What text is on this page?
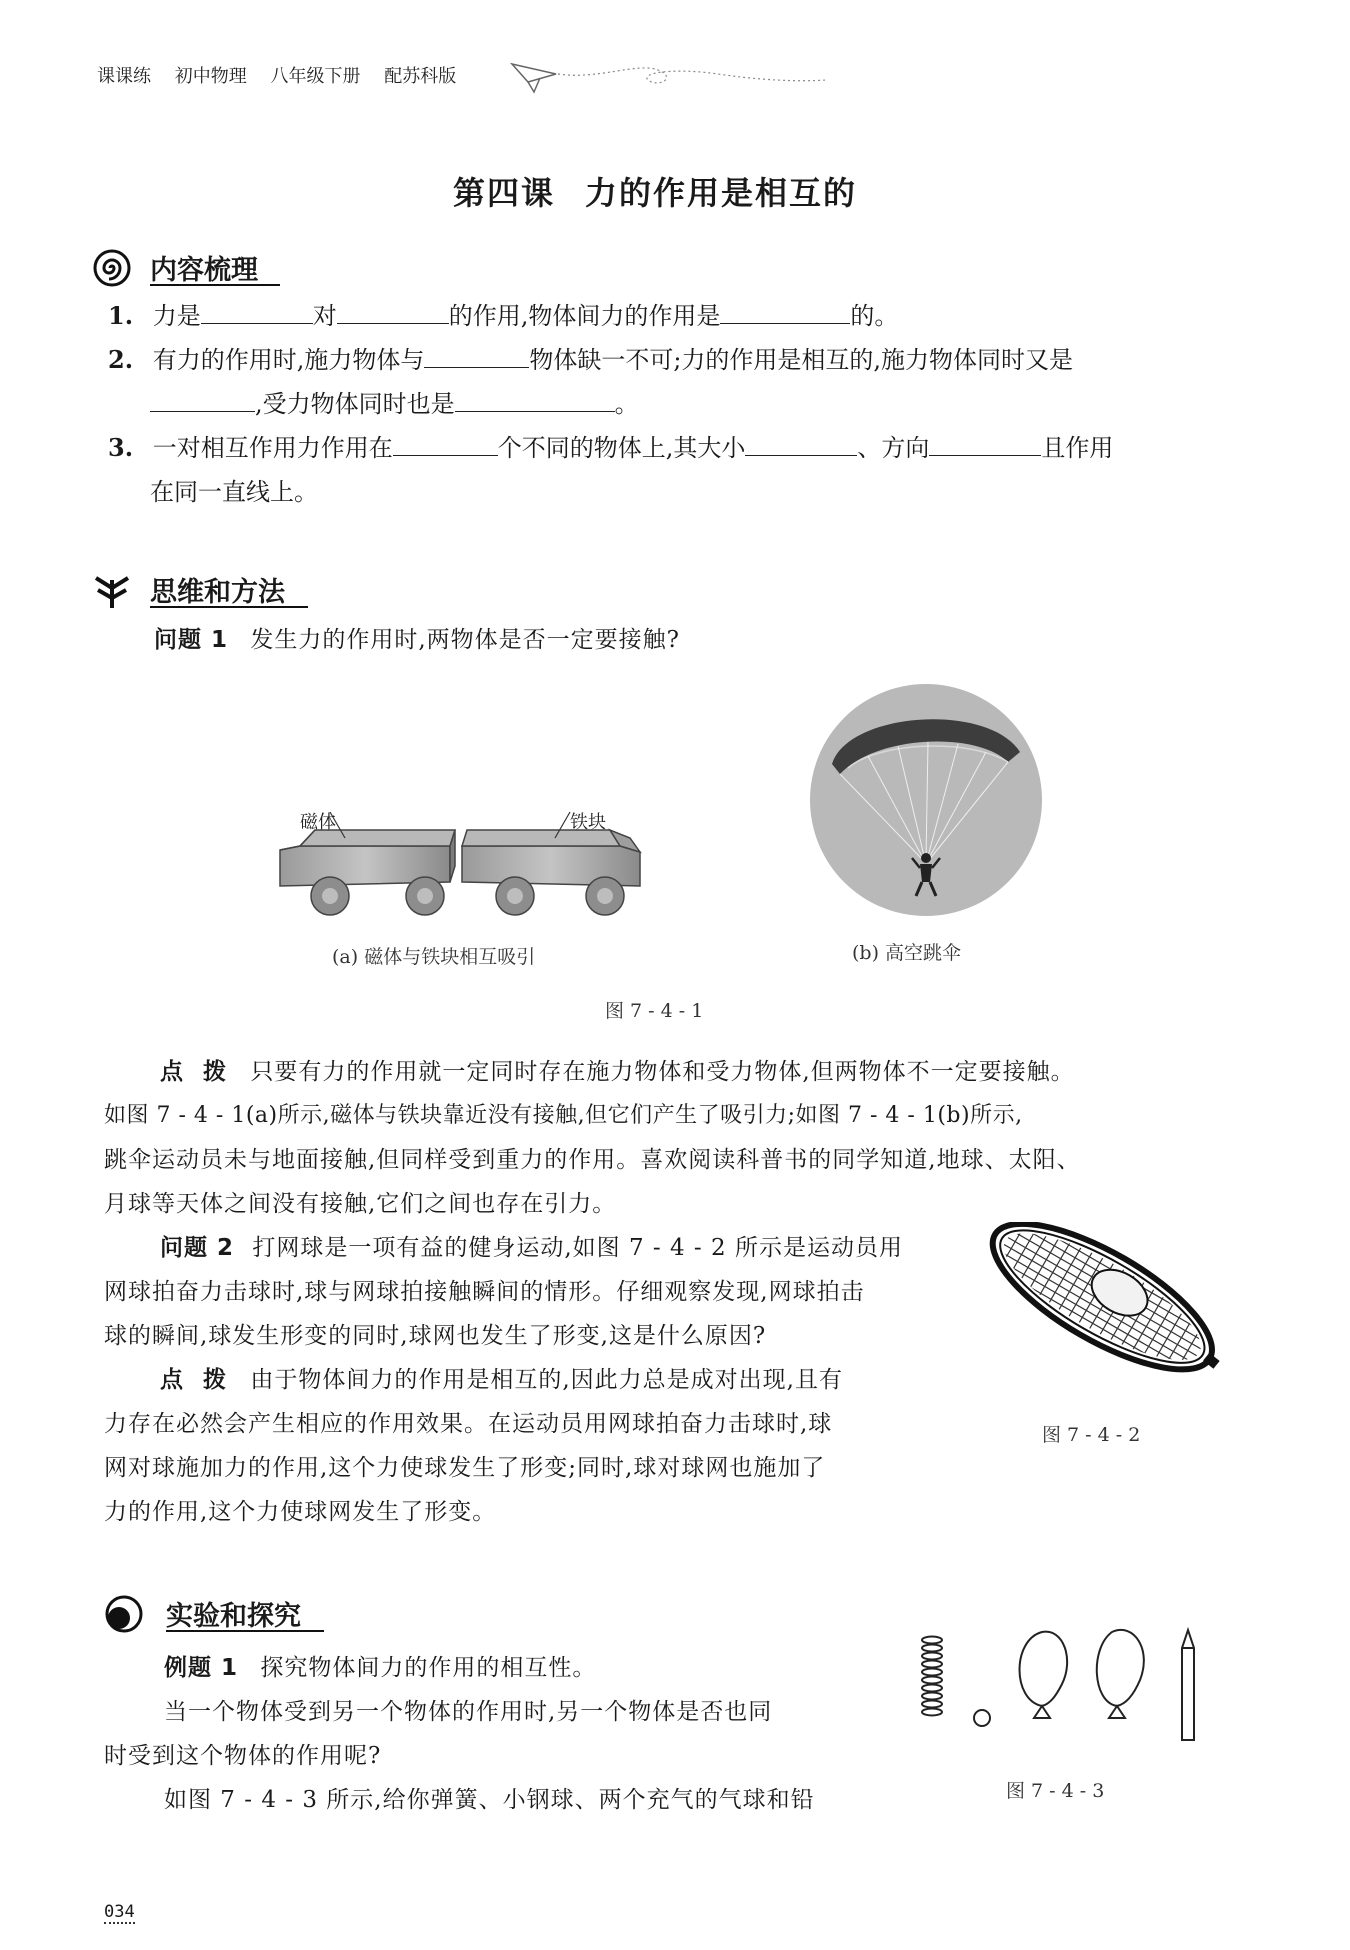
课课练 初中物理 八年级下册 配苏科版
第四课 力的作用是相互的
内容梳理
1. 力是	对	的作用,物体间力的作用是	的。
2. 有力的作用时,施力物体与	物体缺一不可;力的作用是相互的,施力物体同时又是
,受力物体同时也是	。
3. 一对相互作用力作用在	个不同的物体上,其大小	、方向	且作用
在同一直线上。
思维和方法
问题 1 发生力的作用时,两物体是否一定要接触?
磁体	铁块
(a) 磁体与铁块相互吸引	(b) 高空跳伞
图 7 - 4 - 1
点 拨 只要有力的作用就一定同时存在施力物体和受力物体,但两物体不一定要接触。
如图 7 - 4 - 1(a)所示,磁体与铁块靠近没有接触,但它们产生了吸引力;如图 7 - 4 - 1(b)所示,
跳伞运动员未与地面接触,但同样受到重力的作用。喜欢阅读科普书的同学知道,地球、太阳、
月球等天体之间没有接触,它们之间也存在引力。
问题 2 打网球是一项有益的健身运动,如图 7 - 4 - 2 所示是运动员用
网球拍奋力击球时,球与网球拍接触瞬间的情形。仔细观察发现,网球拍击
球的瞬间,球发生形变的同时,球网也发生了形变,这是什么原因?
点 拨 由于物体间力的作用是相互的,因此力总是成对出现,且有
力存在必然会产生相应的作用效果。在运动员用网球拍奋力击球时,球
网对球施加力的作用,这个力使球发生了形变;同时,球对球网也施加了
力的作用,这个力使球网发生了形变。
图 7 - 4 - 2
实验和探究
例题 1 探究物体间力的作用的相互性。
当一个物体受到另一个物体的作用时,另一个物体是否也同
时受到这个物体的作用呢?
如图 7 - 4 - 3 所示,给你弹簧、小钢球、两个充气的气球和铅	图 7 - 4 - 3
034
